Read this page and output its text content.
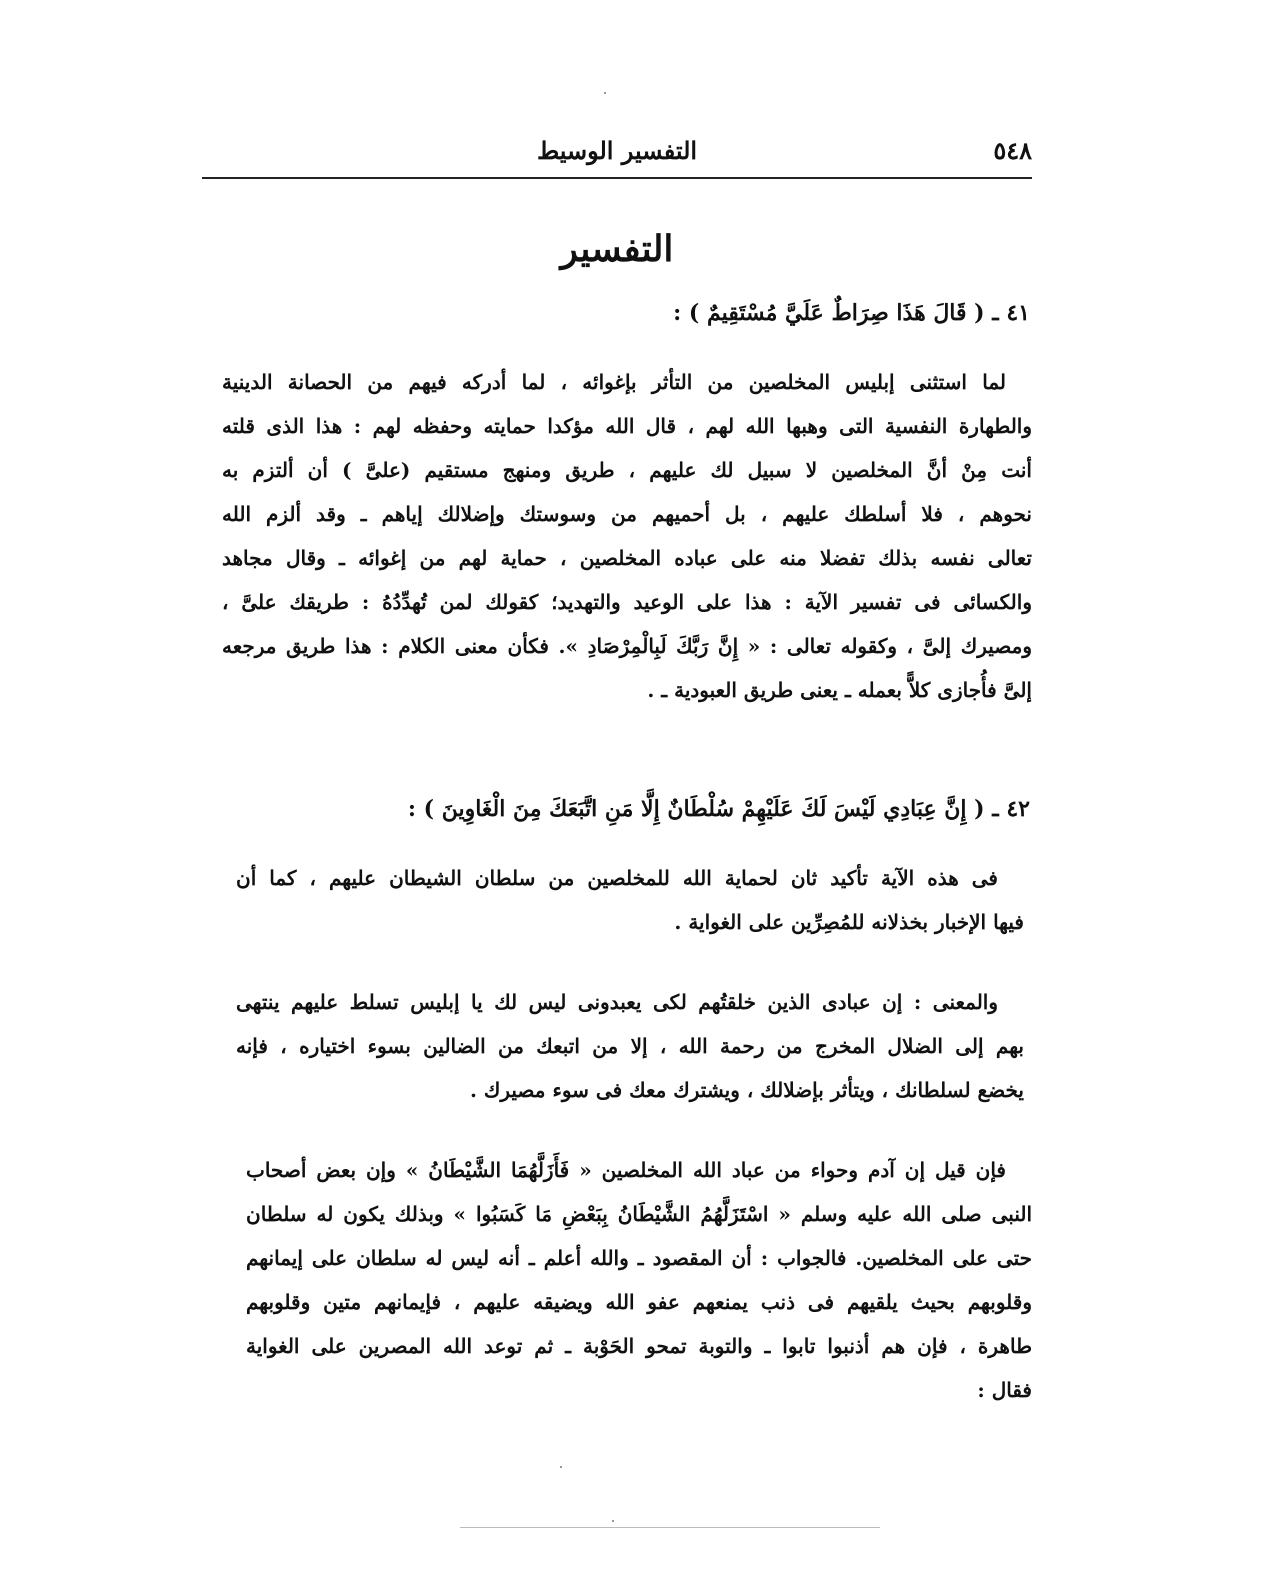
٥٤٨
التفسير الوسيط
التفسير
٤١ ـ ( قَالَ هَذَا صِرَاطٌ عَلَيَّ مُسْتَقِيمٌ ) :
لما استثنى إبليس المخلصين من التأثر بإغوائه ، لما أدركه فيهم من الحصانة الدينية
والطهارة النفسية التى وهبها الله لهم ، قال الله مؤكدا حمايته وحفظه لهم : هذا الذى قلته
أنت مِنْ أنَّ المخلصين لا سبيل لك عليهم ، طريق ومنهج مستقيم (علىَّ ) أن ألتزم به
نحوهم ، فلا أسلطك عليهم ، بل أحميهم من وسوستك وإضلالك إياهم ـ وقد ألزم الله
تعالى نفسه بذلك تفضلا منه على عباده المخلصين ، حماية لهم من إغوائه ـ وقال مجاهد
والكسائى فى تفسير الآية : هذا على الوعيد والتهديد؛ كقولك لمن تُهدِّدُهُ : طريقك علىَّ ،
ومصيرك إلىَّ ، وكقوله تعالى : « إِنَّ رَبَّكَ لَبِالْمِرْصَادِ ». فكأن معنى الكلام : هذا طريق مرجعه
إلىَّ فأُجازى كلاًّ بعمله ـ يعنى طريق العبودية ـ .
٤٢ ـ ( إِنَّ عِبَادِي لَيْسَ لَكَ عَلَيْهِمْ سُلْطَانٌ إِلَّا مَنِ اتَّبَعَكَ مِنَ الْغَاوِينَ ) :
فى هذه الآية تأكيد ثان لحماية الله للمخلصين من سلطان الشيطان عليهم ، كما أن
فيها الإخبار بخذلانه للمُصِرِّين على الغواية .
والمعنى : إن عبادى الذين خلقتُهم لكى يعبدونى ليس لك يا إبليس تسلط عليهم ينتهى
بهم إلى الضلال المخرج من رحمة الله ، إلا من اتبعك من الضالين بسوء اختياره ، فإنه
يخضع لسلطانك ، ويتأثر بإضلالك ، ويشترك معك فى سوء مصيرك .
فإن قيل إن آدم وحواء من عباد الله المخلصين « فَأَزَلَّهُمَا الشَّيْطَانُ » وإن بعض أصحاب
النبى صلى الله عليه وسلم « اسْتَزَلَّهُمُ الشَّيْطَانُ بِبَعْضِ مَا كَسَبُوا » وبذلك يكون له سلطان
حتى على المخلصين. فالجواب : أن المقصود ـ والله أعلم ـ أنه ليس له سلطان على إيمانهم
وقلوبهم بحيث يلقيهم فى ذنب يمنعهم عفو الله ويضيقه عليهم ، فإيمانهم متين وقلوبهم
طاهرة ، فإن هم أذنبوا تابوا ـ والتوبة تمحو الحَوْبة ـ ثم توعد الله المصرين على الغواية
فقال :
